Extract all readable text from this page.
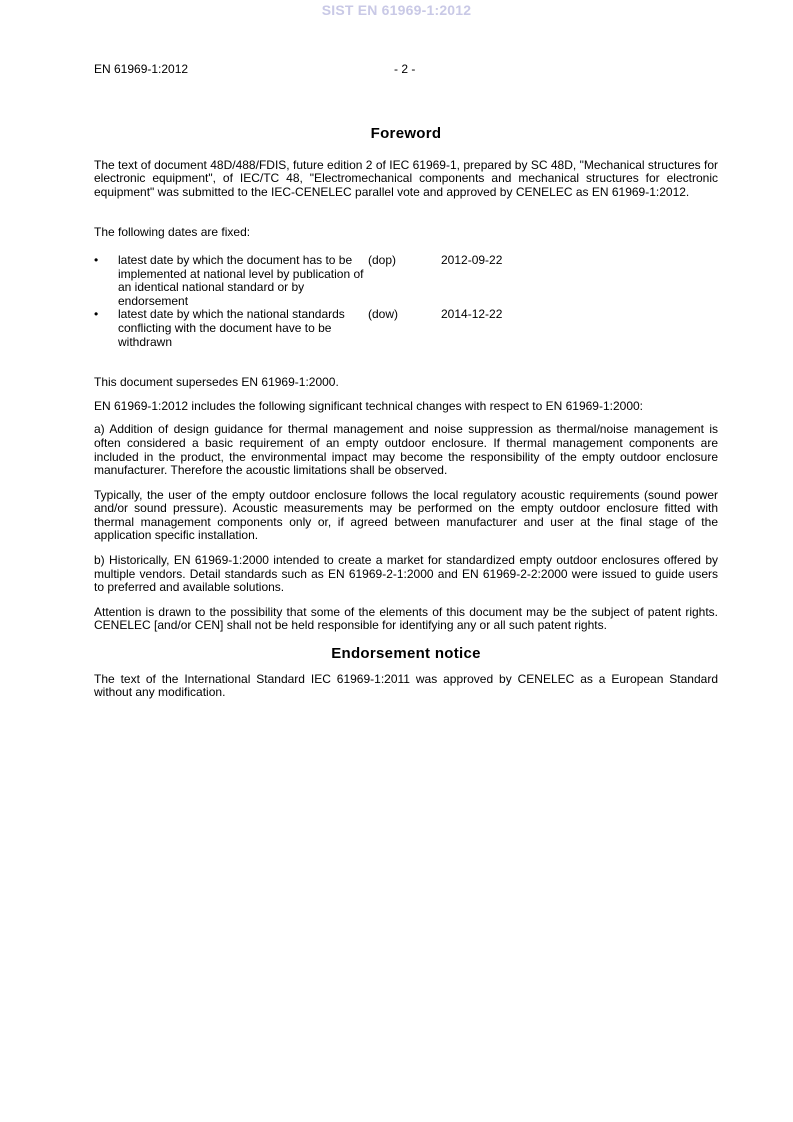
SIST EN 61969-1:2012
EN 61969-1:2012	- 2 -
Foreword

The text of document 48D/488/FDIS, future edition 2 of IEC 61969-1, prepared by SC 48D, "Mechanical structures for electronic equipment", of IEC/TC 48, "Electromechanical components and mechanical structures for electronic equipment" was submitted to the IEC-CENELEC parallel vote and approved by CENELEC as EN 61969-1:2012.

The following dates are fixed:

•	latest date by which the document has to be implemented at national level by publication of an identical national standard or by endorsement	(dop)	2012-09-22
•	latest date by which the national standards conflicting with the document have to be withdrawn	(dow)	2014-12-22

This document supersedes EN 61969-1:2000.

EN 61969-1:2012 includes the following significant technical changes with respect to EN 61969-1:2000:

a) Addition of design guidance for thermal management and noise suppression as thermal/noise management is often considered a basic requirement of an empty outdoor enclosure. If thermal management components are included in the product, the environmental impact may become the responsibility of the empty outdoor enclosure manufacturer. Therefore the acoustic limitations shall be observed.

Typically, the user of the empty outdoor enclosure follows the local regulatory acoustic requirements (sound power and/or sound pressure). Acoustic measurements may be performed on the empty outdoor enclosure fitted with thermal management components only or, if agreed between manufacturer and user at the final stage of the application specific installation.

b) Historically, EN 61969-1:2000 intended to create a market for standardized empty outdoor enclosures offered by multiple vendors. Detail standards such as EN 61969-2-1:2000 and EN 61969-2-2:2000 were issued to guide users to preferred and available solutions.

Attention is drawn to the possibility that some of the elements of this document may be the subject of patent rights. CENELEC [and/or CEN] shall not be held responsible for identifying any or all such patent rights.

Endorsement notice

The text of the International Standard IEC 61969-1:2011 was approved by CENELEC as a European Standard without any modification.
